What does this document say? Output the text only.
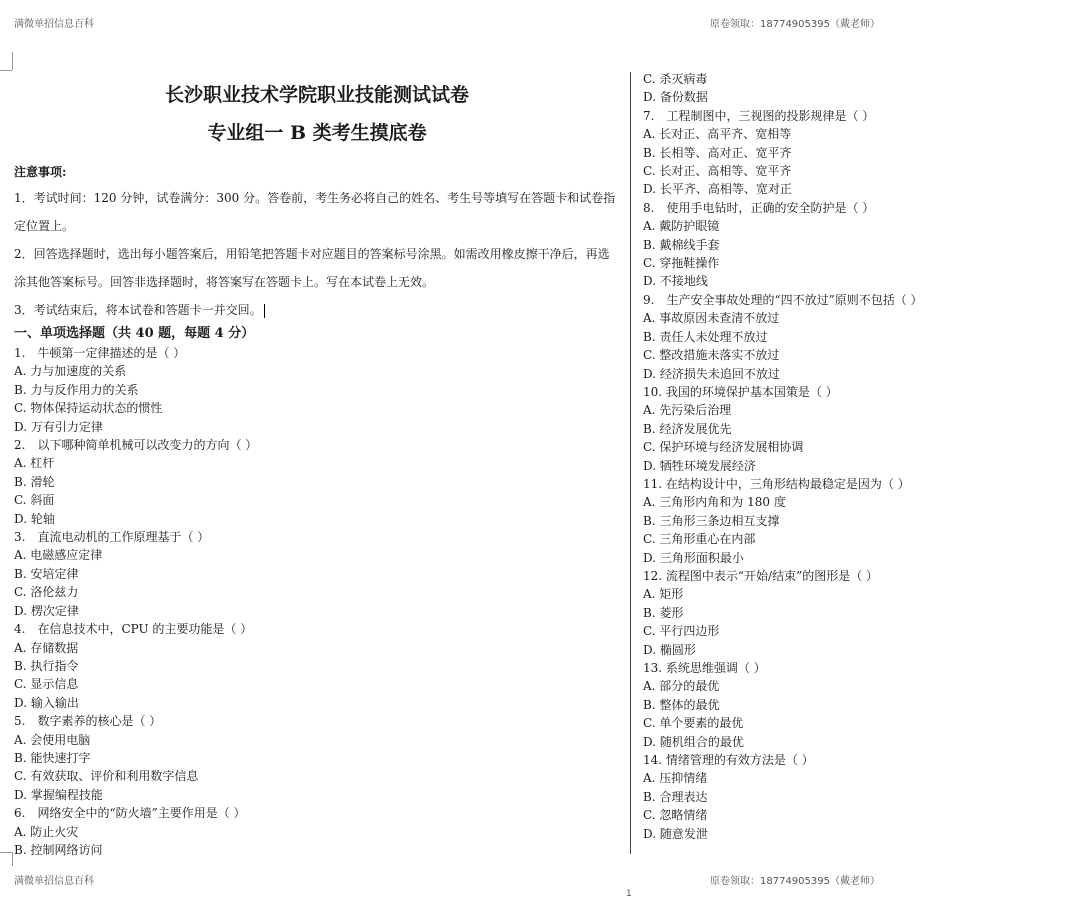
满微单招信息百科	原卷领取：18774905395（戴老师）
长沙职业技术学院职业技能测试试卷
专业组一 B 类考生摸底卷
注意事项:

1．考试时间：120 分钟，试卷满分：300 分。答卷前，考生务必将自己的姓名、考生号等填写在答题卡和试卷指定位置上。

2．回答选择题时，选出每小题答案后，用铅笔把答题卡对应题目的答案标号涂黑。如需改用橡皮擦干净后，再选涂其他答案标号。回答非选择题时，将答案写在答题卡上。写在本试卷上无效。

3．考试结束后，将本试卷和答题卡一并交回。

一、单项选择题（共 40 题，每题 4 分）
1.　牛顿第一定律描述的是（ ）
A. 力与加速度的关系
B. 力与反作用力的关系
C. 物体保持运动状态的惯性
D. 万有引力定律
2.　以下哪种简单机械可以改变力的方向（ ）
A. 杠杆
B. 滑轮
C. 斜面
D. 轮轴
3.　直流电动机的工作原理基于（ ）
A. 电磁感应定律
B. 安培定律
C. 洛伦兹力
D. 楞次定律
4.　在信息技术中，CPU 的主要功能是（ ）
A. 存储数据
B. 执行指令
C. 显示信息
D. 输入输出
5.　数字素养的核心是（ ）
A. 会使用电脑
B. 能快速打字
C. 有效获取、评价和利用数字信息
D. 掌握编程技能
6.　网络安全中的“防火墙”主要作用是（ ）
A. 防止火灾
B. 控制网络访问
C. 杀灭病毒
D. 备份数据
7.　工程制图中，三视图的投影规律是（ ）
A. 长对正、高平齐、宽相等
B. 长相等、高对正、宽平齐
C. 长对正、高相等、宽平齐
D. 长平齐、高相等、宽对正
8.　使用手电钻时，正确的安全防护是（ ）
A. 戴防护眼镜
B. 戴棉线手套
C. 穿拖鞋操作
D. 不接地线
9.　生产安全事故处理的“四不放过”原则不包括（ ）
A. 事故原因未查清不放过
B. 责任人未处理不放过
C. 整改措施未落实不放过
D. 经济损失未追回不放过
10. 我国的环境保护基本国策是（ ）
A. 先污染后治理
B. 经济发展优先
C. 保护环境与经济发展相协调
D. 牺牲环境发展经济
11. 在结构设计中，三角形结构最稳定是因为（ ）
A. 三角形内角和为 180 度
B. 三角形三条边相互支撑
C. 三角形重心在内部
D. 三角形面积最小
12. 流程图中表示“开始/结束”的图形是（ ）
A. 矩形
B. 菱形
C. 平行四边形
D. 椭圆形
13. 系统思维强调（ ）
A. 部分的最优
B. 整体的最优
C. 单个要素的最优
D. 随机组合的最优
14. 情绪管理的有效方法是（ ）
A. 压抑情绪
B. 合理表达
C. 忽略情绪
D. 随意发泄
满微单招信息百科	原卷领取：18774905395（戴老师）
1
